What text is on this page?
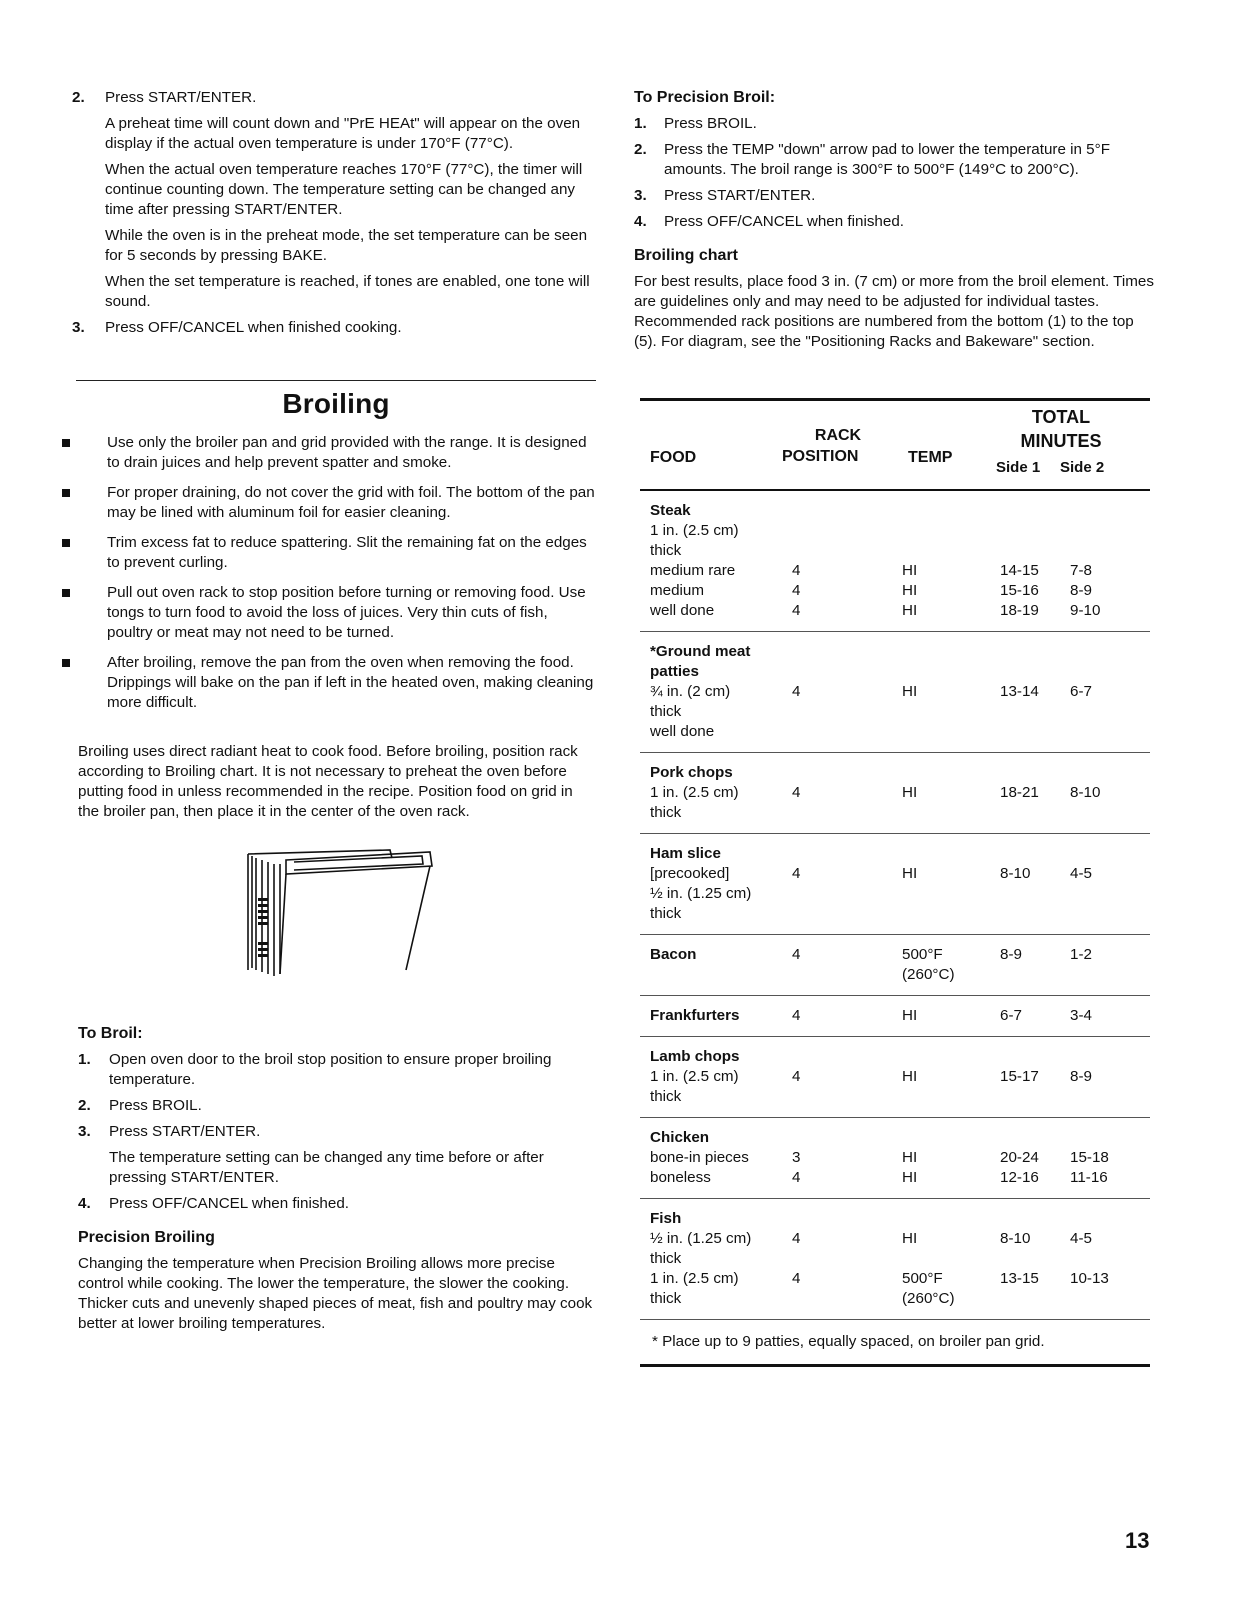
2. Press START/ENTER.
A preheat time will count down and "PrE HEAt" will appear on the oven display if the actual oven temperature is under 170°F (77°C).
When the actual oven temperature reaches 170°F (77°C), the timer will continue counting down. The temperature setting can be changed any time after pressing START/ENTER.
While the oven is in the preheat mode, the set temperature can be seen for 5 seconds by pressing BAKE.
When the set temperature is reached, if tones are enabled, one tone will sound.
3. Press OFF/CANCEL when finished cooking.
Broiling
Use only the broiler pan and grid provided with the range. It is designed to drain juices and help prevent spatter and smoke.
For proper draining, do not cover the grid with foil. The bottom of the pan may be lined with aluminum foil for easier cleaning.
Trim excess fat to reduce spattering. Slit the remaining fat on the edges to prevent curling.
Pull out oven rack to stop position before turning or removing food. Use tongs to turn food to avoid the loss of juices. Very thin cuts of fish, poultry or meat may not need to be turned.
After broiling, remove the pan from the oven when removing the food. Drippings will bake on the pan if left in the heated oven, making cleaning more difficult.
Broiling uses direct radiant heat to cook food. Before broiling, position rack according to Broiling chart. It is not necessary to preheat the oven before putting food in unless recommended in the recipe. Position food on grid in the broiler pan, then place it in the center of the oven rack.
To Broil:
1. Open oven door to the broil stop position to ensure proper broiling temperature.
2. Press BROIL.
3. Press START/ENTER.
The temperature setting can be changed any time before or after pressing START/ENTER.
4. Press OFF/CANCEL when finished.
Precision Broiling
Changing the temperature when Precision Broiling allows more precise control while cooking. The lower the temperature, the slower the cooking. Thicker cuts and unevenly shaped pieces of meat, fish and poultry may cook better at lower broiling temperatures.
To Precision Broil:
1. Press BROIL.
2. Press the TEMP "down" arrow pad to lower the temperature in 5°F amounts. The broil range is 300°F to 500°F (149°C to 200°C).
3. Press START/ENTER.
4. Press OFF/CANCEL when finished.
Broiling chart
For best results, place food 3 in. (7 cm) or more from the broil element. Times are guidelines only and may need to be adjusted for individual tastes. Recommended rack positions are numbered from the bottom (1) to the top (5). For diagram, see the "Positioning Racks and Bakeware" section.
FOOD
RACK
POSITION	TEMP
TOTAL
MINUTES
Side 1 Side 2
Steak
1 in. (2.5 cm)
thick
medium rare	4	HI	14-15 7-8
medium	4	HI	15-16 8-9
well done	4	HI	18-19 9-10
*Ground meat
patties
¾ in. (2 cm)	4	HI	13-14 6-7
thick
well done
Pork chops
1 in. (2.5 cm)	4	HI	18-21 8-10
thick
Ham slice
[precooked]	4	HI	8-10	4-5
½ in. (1.25 cm)
thick
Bacon	4	500°F	8-9	1-2
(260°C)
Frankfurters	4	HI	6-7	3-4
Lamb chops
1 in. (2.5 cm)	4	HI	15-17 8-9
thick
Chicken
bone-in pieces	3	HI	20-24 15-18
boneless	4	HI	12-16 11-16
Fish
½ in. (1.25 cm)	4	HI	8-10	4-5
thick
1 in. (2.5 cm)	4	500°F	13-15 10-13
thick	(260°C)
* Place up to 9 patties, equally spaced, on broiler pan grid.
13
